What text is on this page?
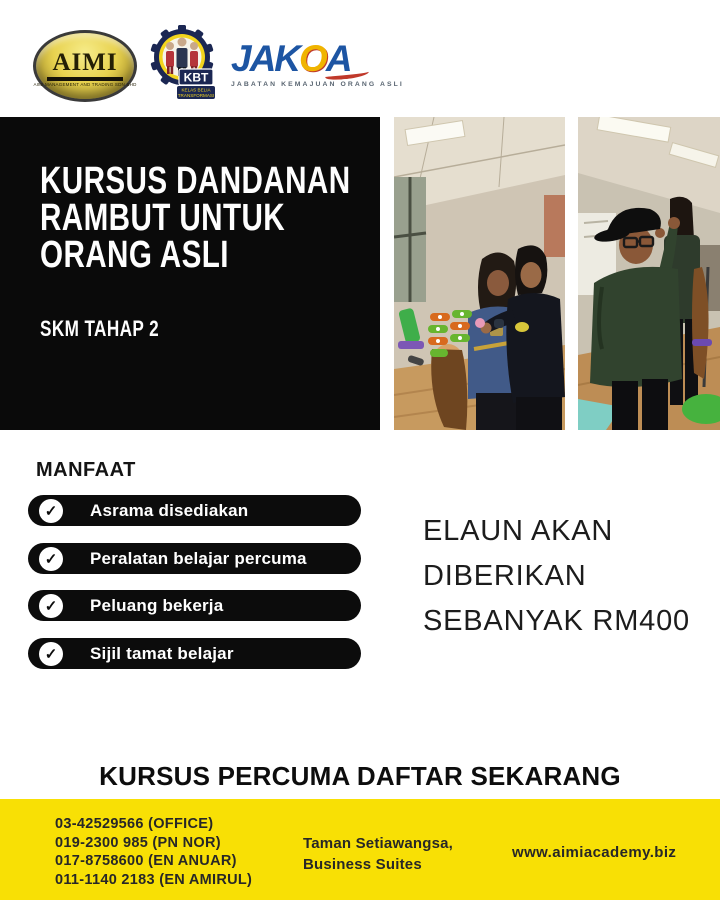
AIMI
AIMI MANAGEMENT AND TRADING SDN BHD	KBT
KELAS BELIA
TRANSFORMASI
JAKOA
JABATAN KEMAJUAN ORANG ASLI
KURSUS DANDANAN
RAMBUT UNTUK
ORANG ASLI
SKM TAHAP 2
MANFAAT
✓	Asrama disediakan
✓	Peralatan belajar percuma
✓	Peluang bekerja
✓	Sijil tamat belajar
ELAUN AKAN
DIBERIKAN
SEBANYAK RM400
KURSUS PERCUMA DAFTAR SEKARANG
03-42529566 (OFFICE)
019-2300 985 (PN NOR)
017-8758600 (EN ANUAR)
011-1140 2183 (EN AMIRUL)
Taman Setiawangsa,
Business Suites
www.aimiacademy.biz
